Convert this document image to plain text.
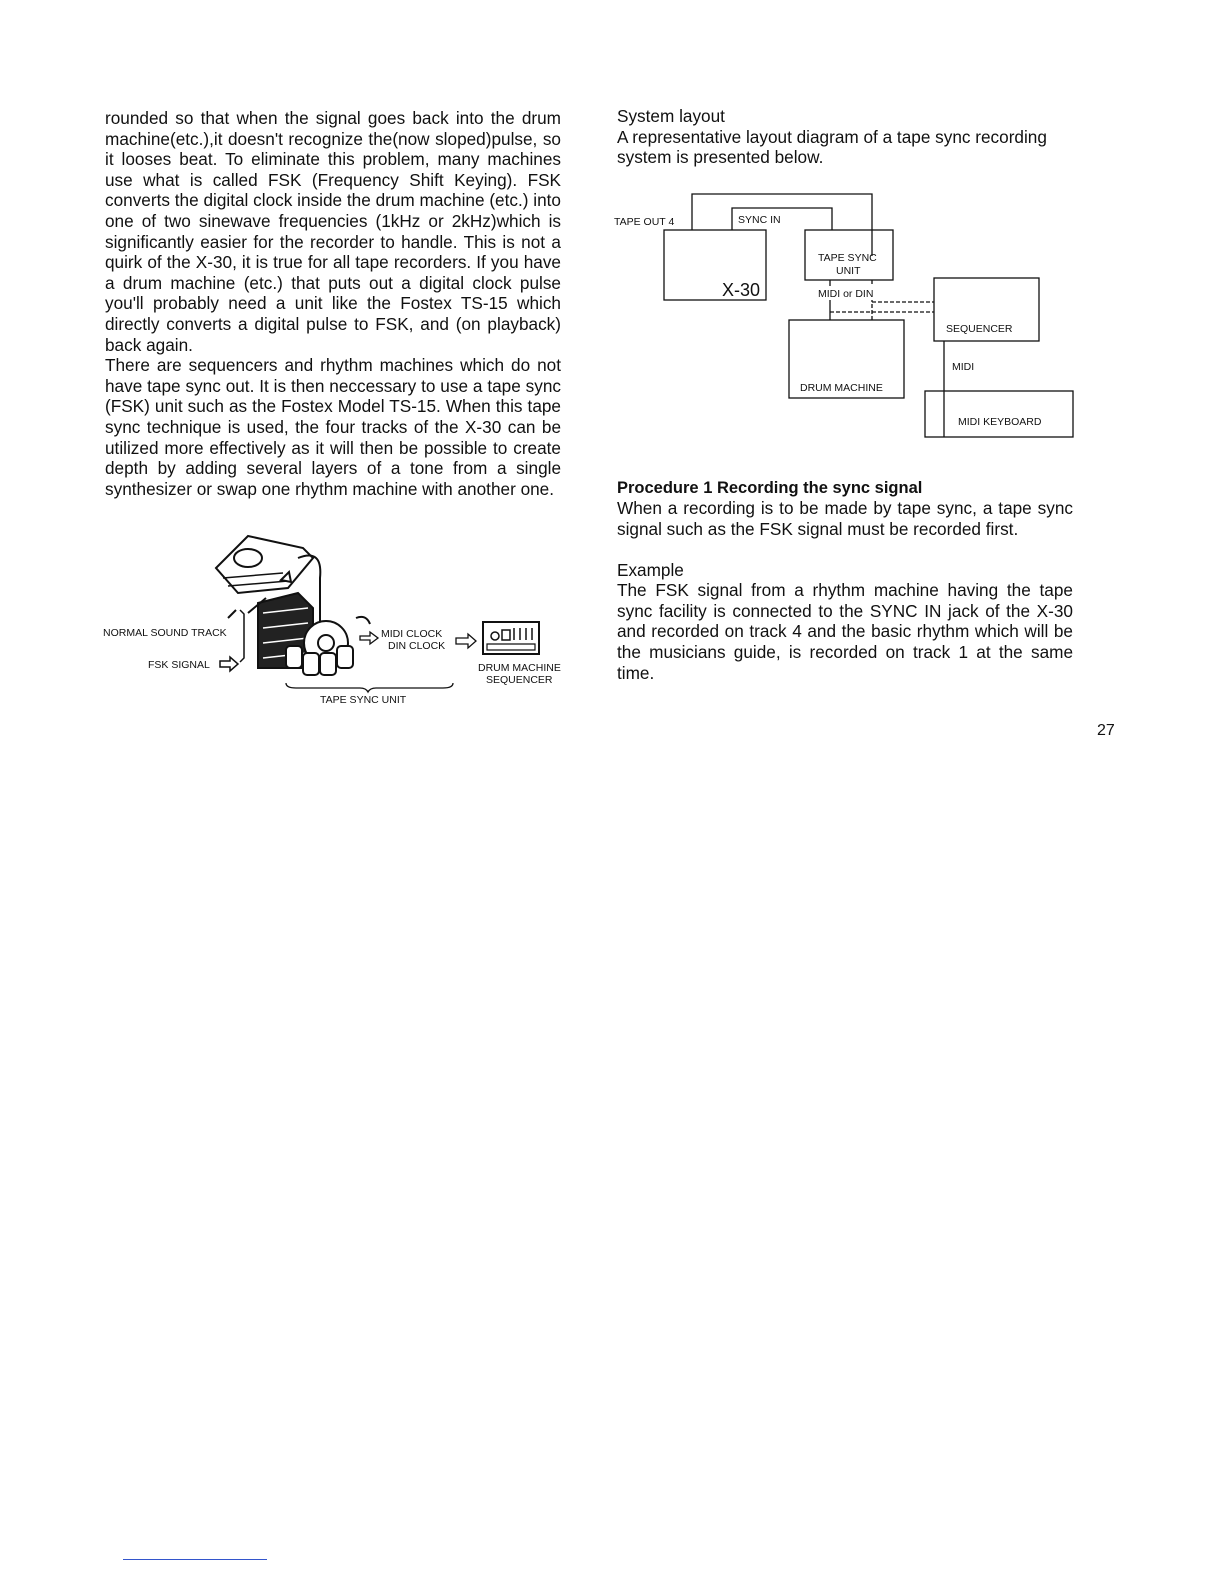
rounded so that when the signal goes back into the drum machine(etc.),it doesn't recognize the(now sloped)pulse, so it looses beat. To eliminate this problem, many machines use what is called FSK (Frequency Shift Keying). FSK converts the digital clock inside the drum machine (etc.) into one of two sinewave frequencies (1kHz or 2kHz)which is significantly easier for the recorder to handle. This is not a quirk of the X-30, it is true for all tape recorders. If you have a drum machine (etc.) that puts out a digital clock pulse you'll probably need a unit like the Fostex TS-15 which directly converts a digital pulse to FSK, and (on playback) back again.

There are sequencers and rhythm machines which do not have tape sync out. It is then neccessary to use a tape sync (FSK) unit such as the Fostex Model TS-15. When this tape sync technique is used, the four tracks of the X-30 can be utilized more effectively as it will then be possible to create depth by adding several layers of a tone from a single synthesizer or swap one rhythm machine with another one.

NORMAL SOUND TRACK
FSK SIGNAL
MIDI CLOCK
DIN CLOCK
DRUM MACHINE
SEQUENCER
TAPE SYNC UNIT

System layout

A representative layout diagram of a tape sync recording system is presented below.

Procedure 1 Recording the sync signal

When a recording is to be made by tape sync, a tape sync signal such as the FSK signal must be recorded first.

Example

The FSK signal from a rhythm machine having the tape sync facility is connected to the SYNC IN jack of the X-30 and recorded on track 4 and the basic rhythm which will be the musicians guide, is recorded on track 1 at the same time.

TAPE OUT 4	SYNC IN
X-30
TAPE SYNC
UNIT
MIDI or DIN
SEQUENCER
MIDI
DRUM MACHINE
MIDI KEYBOARD
27
